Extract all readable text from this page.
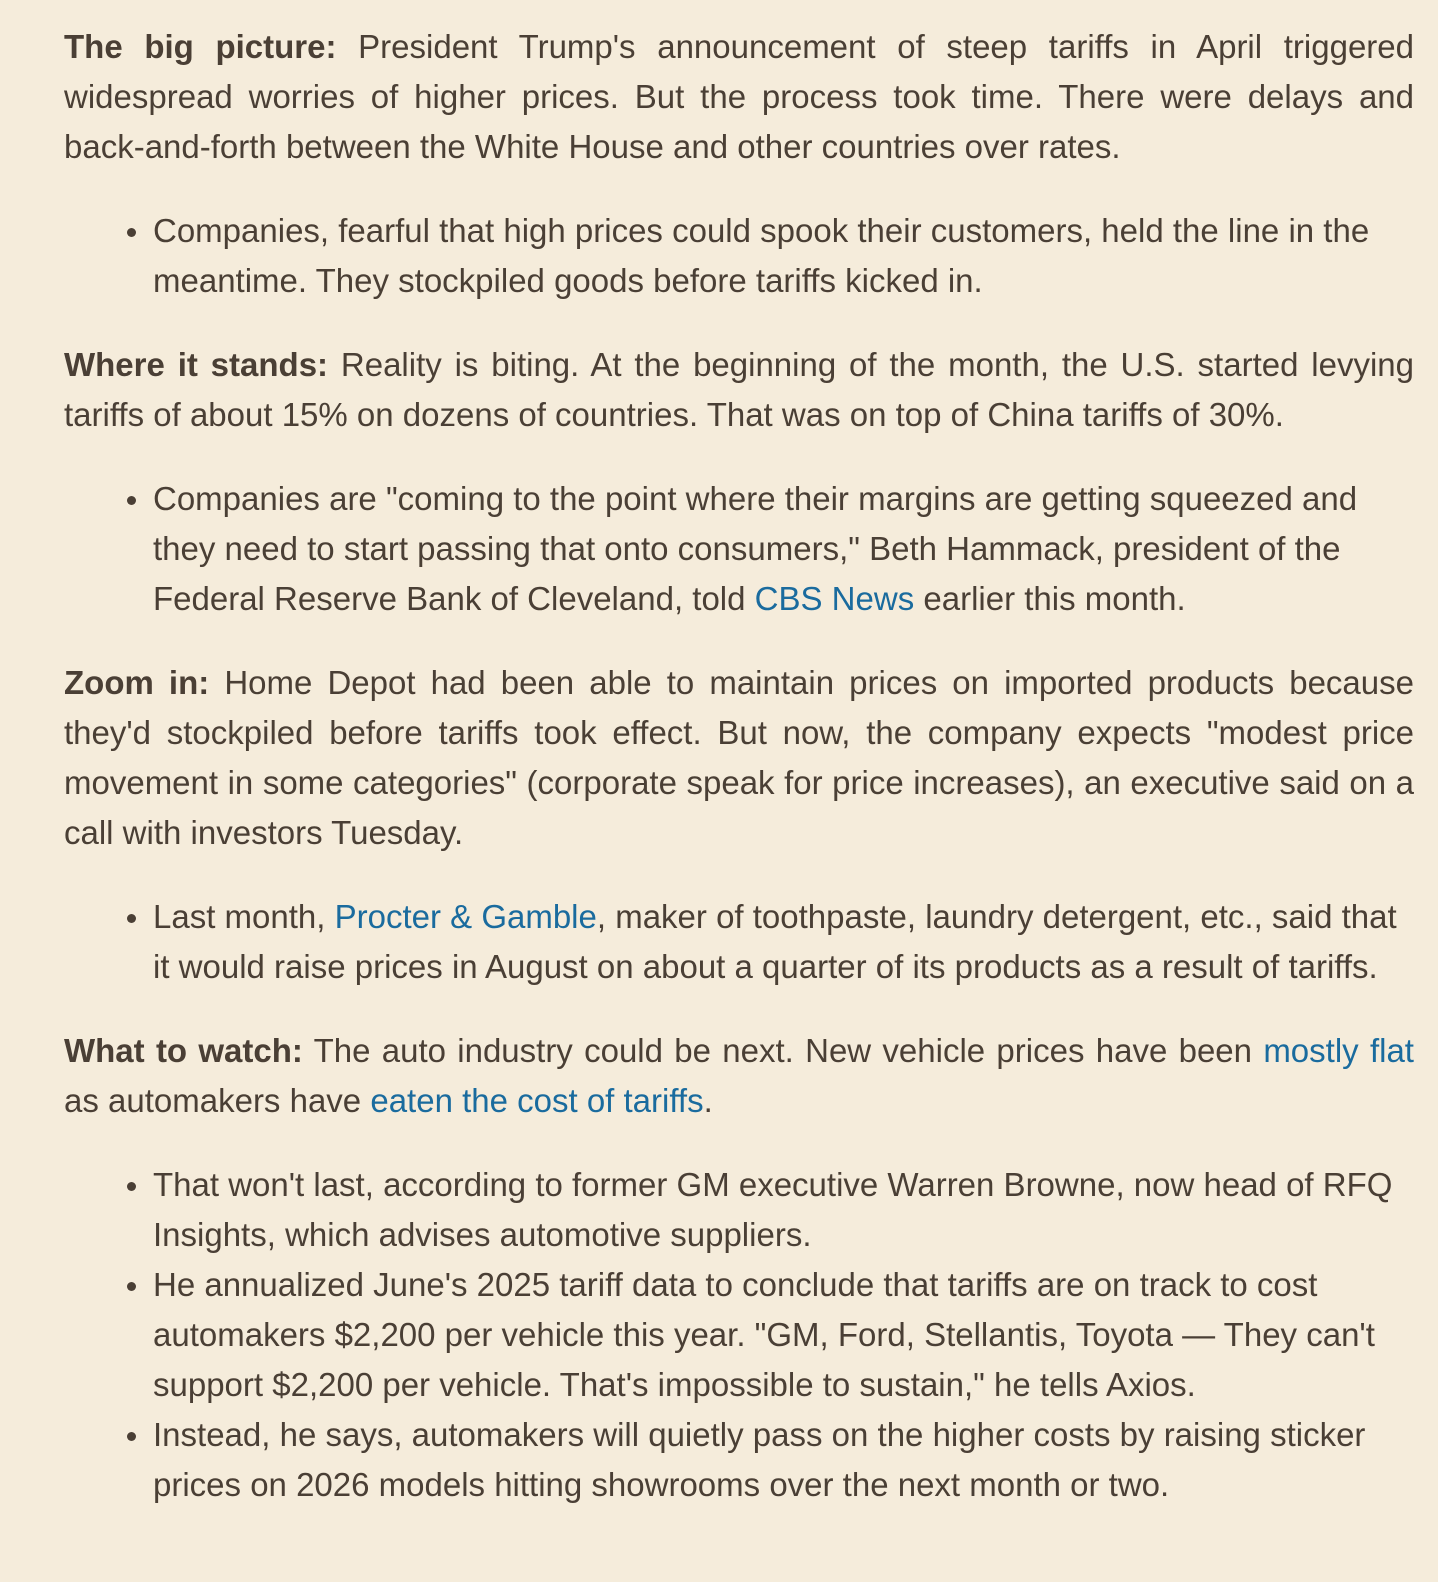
The big picture: President Trump's announcement of steep tariffs in April triggered widespread worries of higher prices. But the process took time. There were delays and back-and-forth between the White House and other countries over rates.

Companies, fearful that high prices could spook their customers, held the line in the meantime. They stockpiled goods before tariffs kicked in.

Where it stands: Reality is biting. At the beginning of the month, the U.S. started levying tariffs of about 15% on dozens of countries. That was on top of China tariffs of 30%.

Companies are "coming to the point where their margins are getting squeezed and they need to start passing that onto consumers," Beth Hammack, president of the Federal Reserve Bank of Cleveland, told CBS News earlier this month.

Zoom in: Home Depot had been able to maintain prices on imported products because they'd stockpiled before tariffs took effect. But now, the company expects "modest price movement in some categories" (corporate speak for price increases), an executive said on a call with investors Tuesday.

Last month, Procter & Gamble, maker of toothpaste, laundry detergent, etc., said that it would raise prices in August on about a quarter of its products as a result of tariffs.

What to watch: The auto industry could be next. New vehicle prices have been mostly flat as automakers have eaten the cost of tariffs.

That won't last, according to former GM executive Warren Browne, now head of RFQ Insights, which advises automotive suppliers.
He annualized June's 2025 tariff data to conclude that tariffs are on track to cost automakers $2,200 per vehicle this year. "GM, Ford, Stellantis, Toyota — They can't support $2,200 per vehicle. That's impossible to sustain," he tells Axios.
Instead, he says, automakers will quietly pass on the higher costs by raising sticker prices on 2026 models hitting showrooms over the next month or two.
